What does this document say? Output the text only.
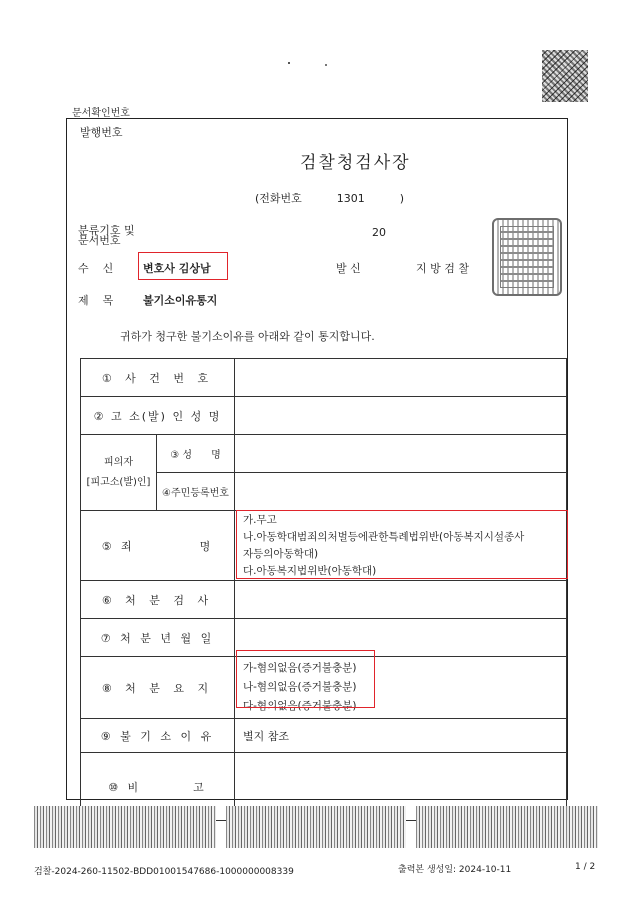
문서확인번호
발행번호
검찰청검사장
(전화번호          1301          )
분류기호 및
문서번호
20
수    신	변호사 김상남	발 신	지 방 검 찰
제    목	불기소이유통지
귀하가 청구한 불기소이유를 아래와 같이 통지합니다.
① 사 건 번 호		
② 고 소(발) 인 성 명		

피의자
[피고소(발)인]	③ 성      명	
	④주민등록번호	
⑤ 죄          명		가.무고
나.아동학대범죄의처벌등에관한특례법위반(아동복지시설종사
자등의아동학대)
다.아동복지법위반(아동학대)

⑥ 처 분 검 사		
⑦ 처 분 년 월 일		
⑧ 처 분 요 지		가-혐의없음(증거불충분)
나-혐의없음(증거불충분)
다-혐의없음(증거불충분)

⑨ 불 기 소 이 유		별지 참조
⑩ 비        고		
검찰-2024-260-11502-BDD01001547686-1000000008339	출력본 생성일: 2024-10-11	1 / 2
